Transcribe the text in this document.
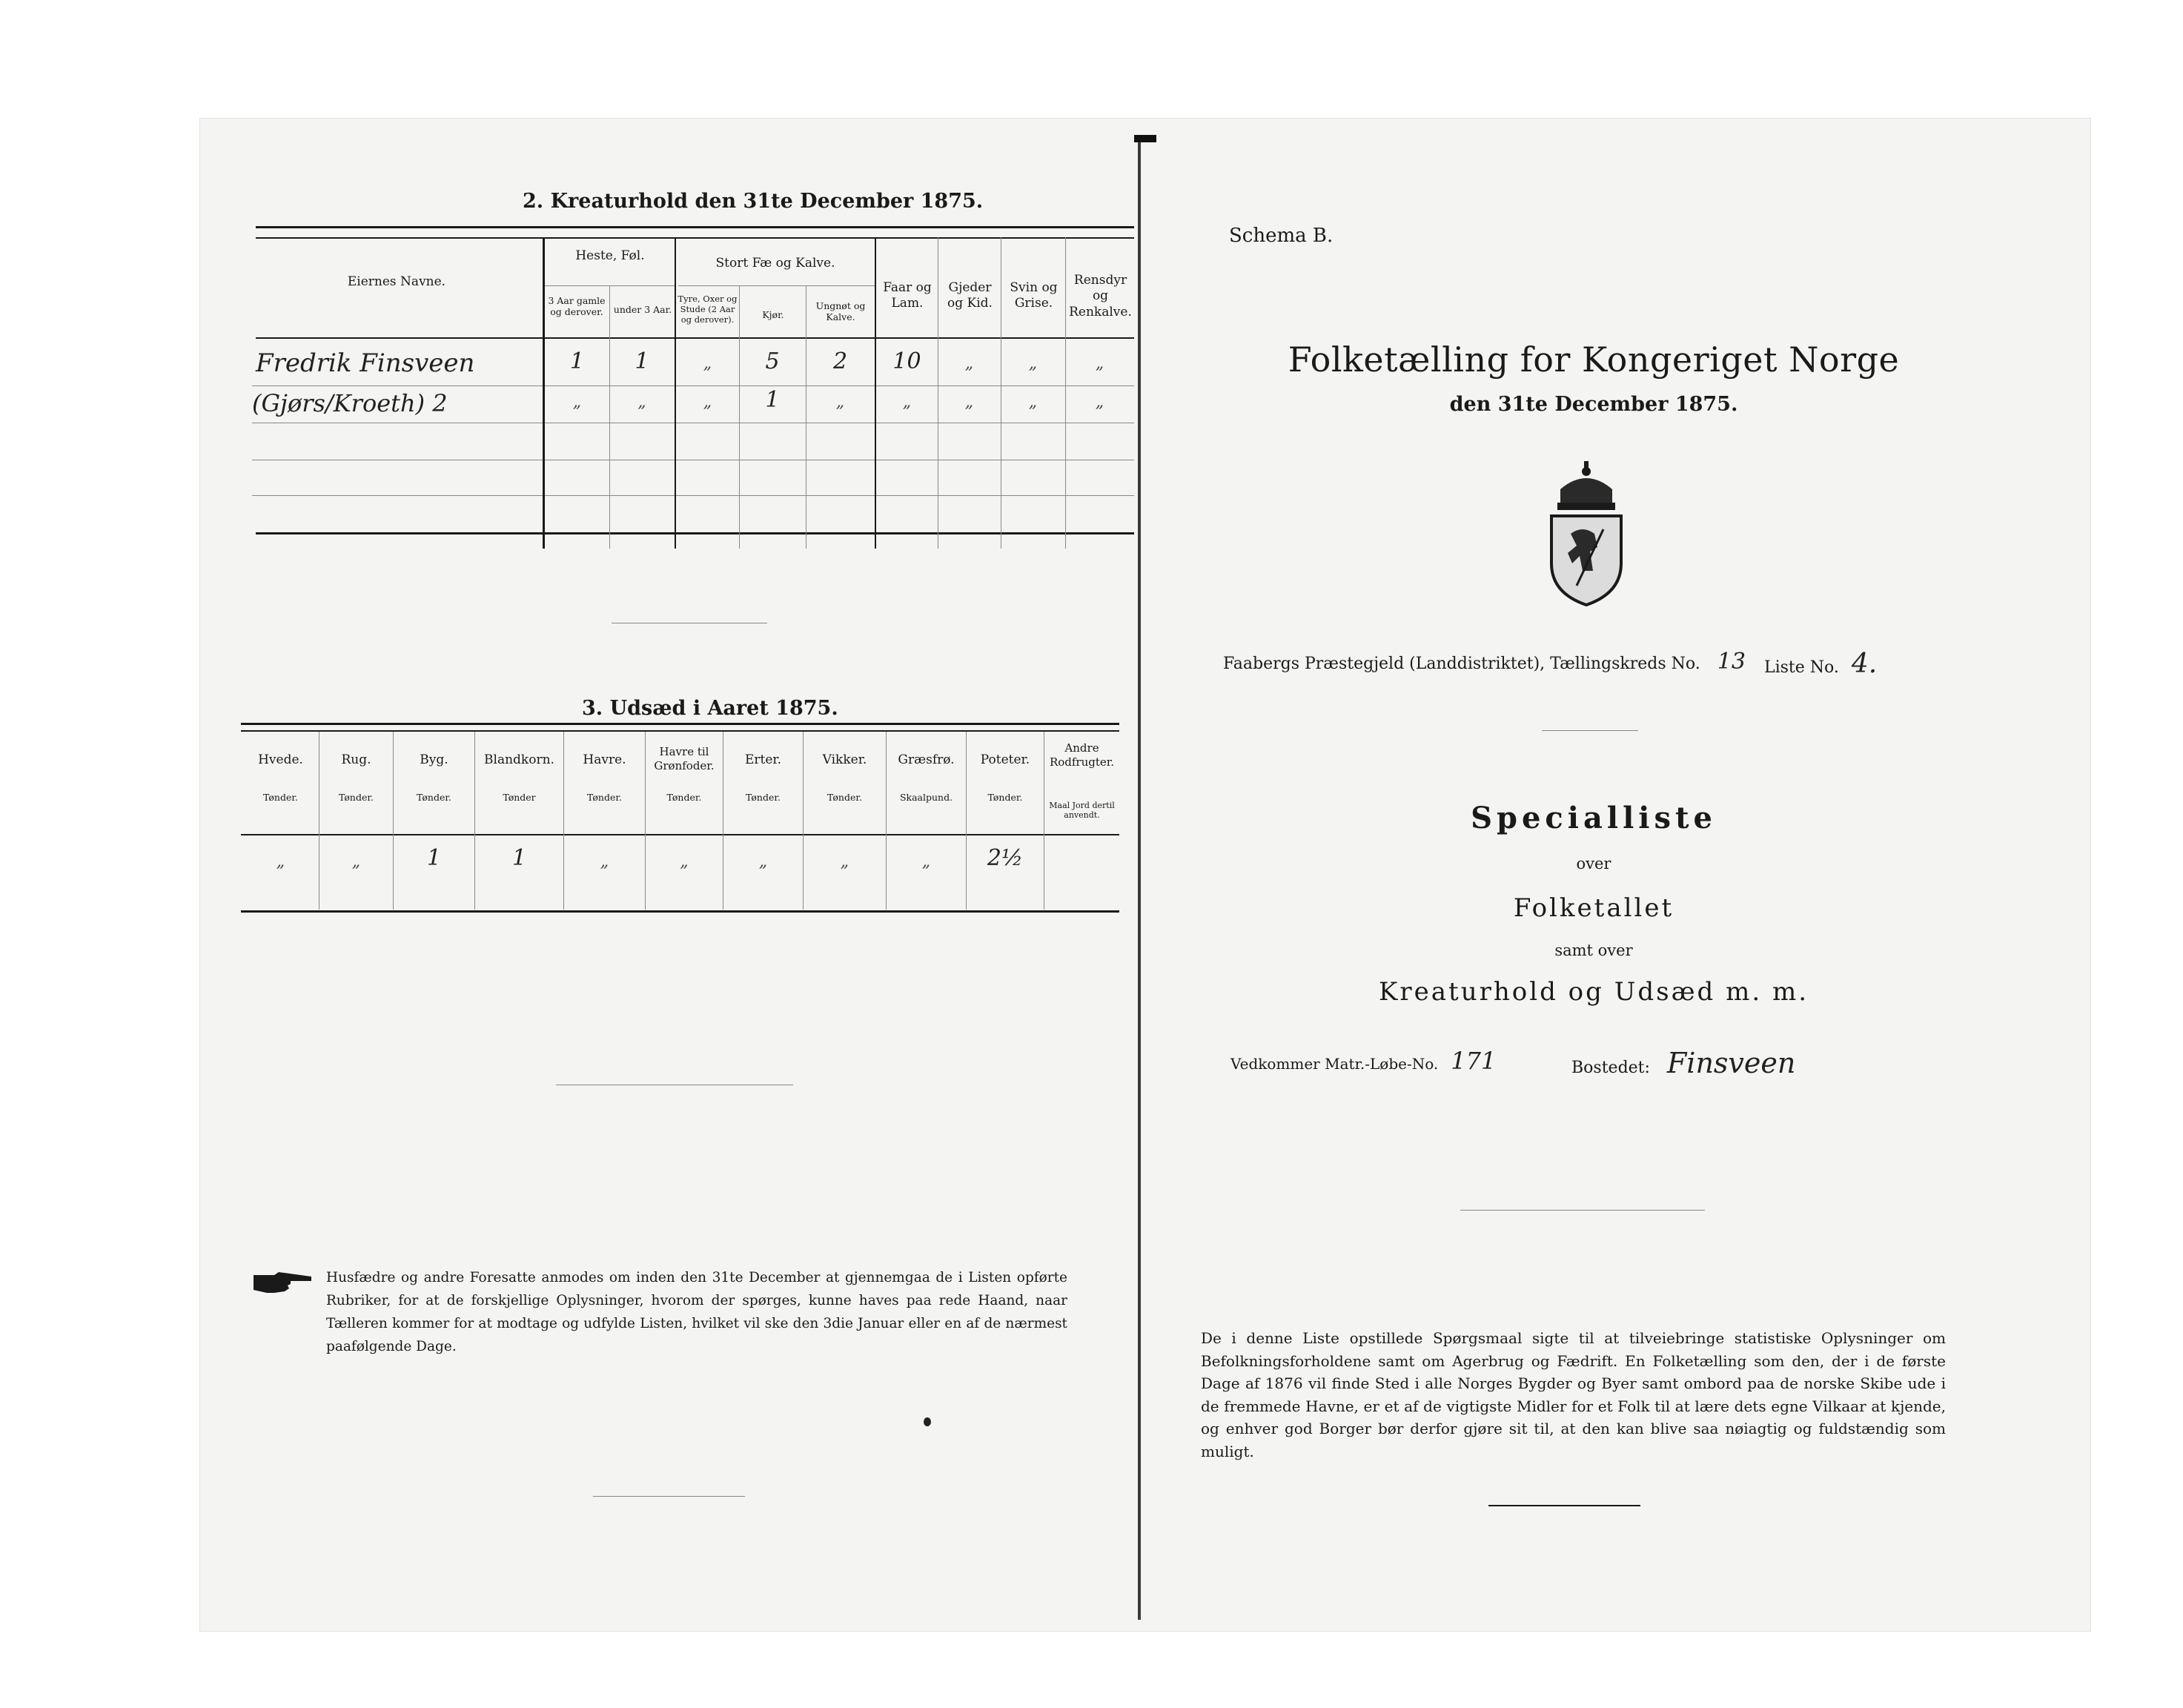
2. Kreaturhold den 31te December 1875.
Eiernes Navne.
Heste, Føl.
3 Aar gamle og derover.	under 3 Aar.
Stort Fæ og Kalve.
Tyre, Oxer og Stude (2 Aar og derover).	Kjør.
Ungnøt og Kalve.
Faar og Lam.
Gjeder og Kid.
Svin og Grise.
Rensdyr og Renkalve.
Fredrik Finsveen	1	1	„	5	2	10	„	„	„
(Gjørs/Kroeth) 2	„	„	„	1	„	„	„	„	„
3. Udsæd i Aaret 1875.
Hvede.
Tønder.
Rug.
Tønder.
Byg.
Tønder.
Blandkorn.
Tønder
Havre.
Tønder.
Havre til Grønfoder.
Tønder.
Erter.
Tønder.
Vikker.
Tønder.
Græsfrø.
Skaalpund.
Poteter.
Tønder.
Andre Rodfrugter.
Maal Jord dertil anvendt.
„	„	1	1	„	„	„	„	„	2½
Husfædre og andre Foresatte anmodes om inden den 31te December at gjennemgaa de i Listen opførte Rubriker, for at de forskjellige Oplysninger, hvorom der spørges, kunne haves paa rede Haand, naar Tælleren kommer for at modtage og udfylde Listen, hvilket vil ske den 3die Januar eller en af de nærmest paafølgende Dage.
Schema B.
Folketælling for Kongeriget Norge
den 31te December 1875.
Faabergs Præstegjeld (Landdistriktet), Tællingskreds No. 13 Liste No. 4.
Specialliste
over
Folketallet
samt over
Kreaturhold og Udsæd m. m.
Vedkommer Matr.-Løbe-No. 171	Bostedet: Finsveen
De i denne Liste opstillede Spørgsmaal sigte til at tilveiebringe statistiske Oplysninger om Befolkningsforholdene samt om Agerbrug og Fædrift. En Folketælling som den, der i de første Dage af 1876 vil finde Sted i alle Norges Bygder og Byer samt ombord paa de norske Skibe ude i de fremmede Havne, er et af de vigtigste Midler for et Folk til at lære dets egne Vilkaar at kjende, og enhver god Borger bør derfor gjøre sit til, at den kan blive saa nøiagtig og fuldstændig som muligt.
